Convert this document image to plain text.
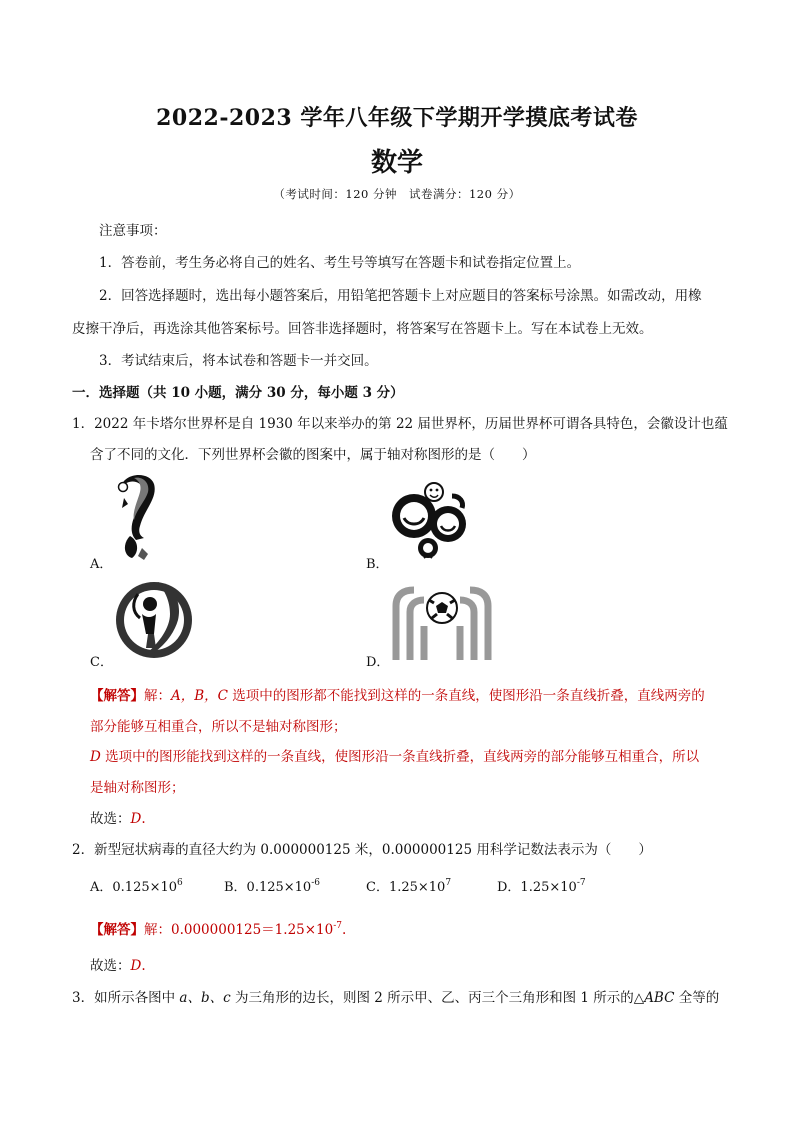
2022-2023 学年八年级下学期开学摸底考试卷
数学
（考试时间：120 分钟　试卷满分：120 分）
注意事项：
1．答卷前，考生务必将自己的姓名、考生号等填写在答题卡和试卷指定位置上。
2．回答选择题时，选出每小题答案后，用铅笔把答题卡上对应题目的答案标号涂黑。如需改动，用橡
皮擦干净后，再选涂其他答案标号。回答非选择题时，将答案写在答题卡上。写在本试卷上无效。
3．考试结束后，将本试卷和答题卡一并交回。
一．选择题（共 10 小题，满分 30 分，每小题 3 分）
1．2022 年卡塔尔世界杯是自 1930 年以来举办的第 22 届世界杯，历届世界杯可谓各具特色，会徽设计也蕴
含了不同的文化．下列世界杯会徽的图案中，属于轴对称图形的是（　　）
A．	B．
C．	D．
【解答】解：A，B，C 选项中的图形都不能找到这样的一条直线，使图形沿一条直线折叠，直线两旁的
部分能够互相重合，所以不是轴对称图形；
D 选项中的图形能找到这样的一条直线，使图形沿一条直线折叠，直线两旁的部分能够互相重合，所以
是轴对称图形；
故选：D.
2．新型冠状病毒的直径大约为 0.000000125 米，0.000000125 用科学记数法表示为（　　）
A．$0.125\times 10^6$	B．$0.125\times 10^{-6}$	C．$1.25\times 10^7$	D．$1.25\times 10^{-7}$
【解答】解：$0.000000125=1.25\times 10^{-7}$.
故选：D.
3．如所示各图中 a、b、c 为三角形的边长，则图 2 所示甲、乙、丙三个三角形和图 1 所示的△ABC 全等的
